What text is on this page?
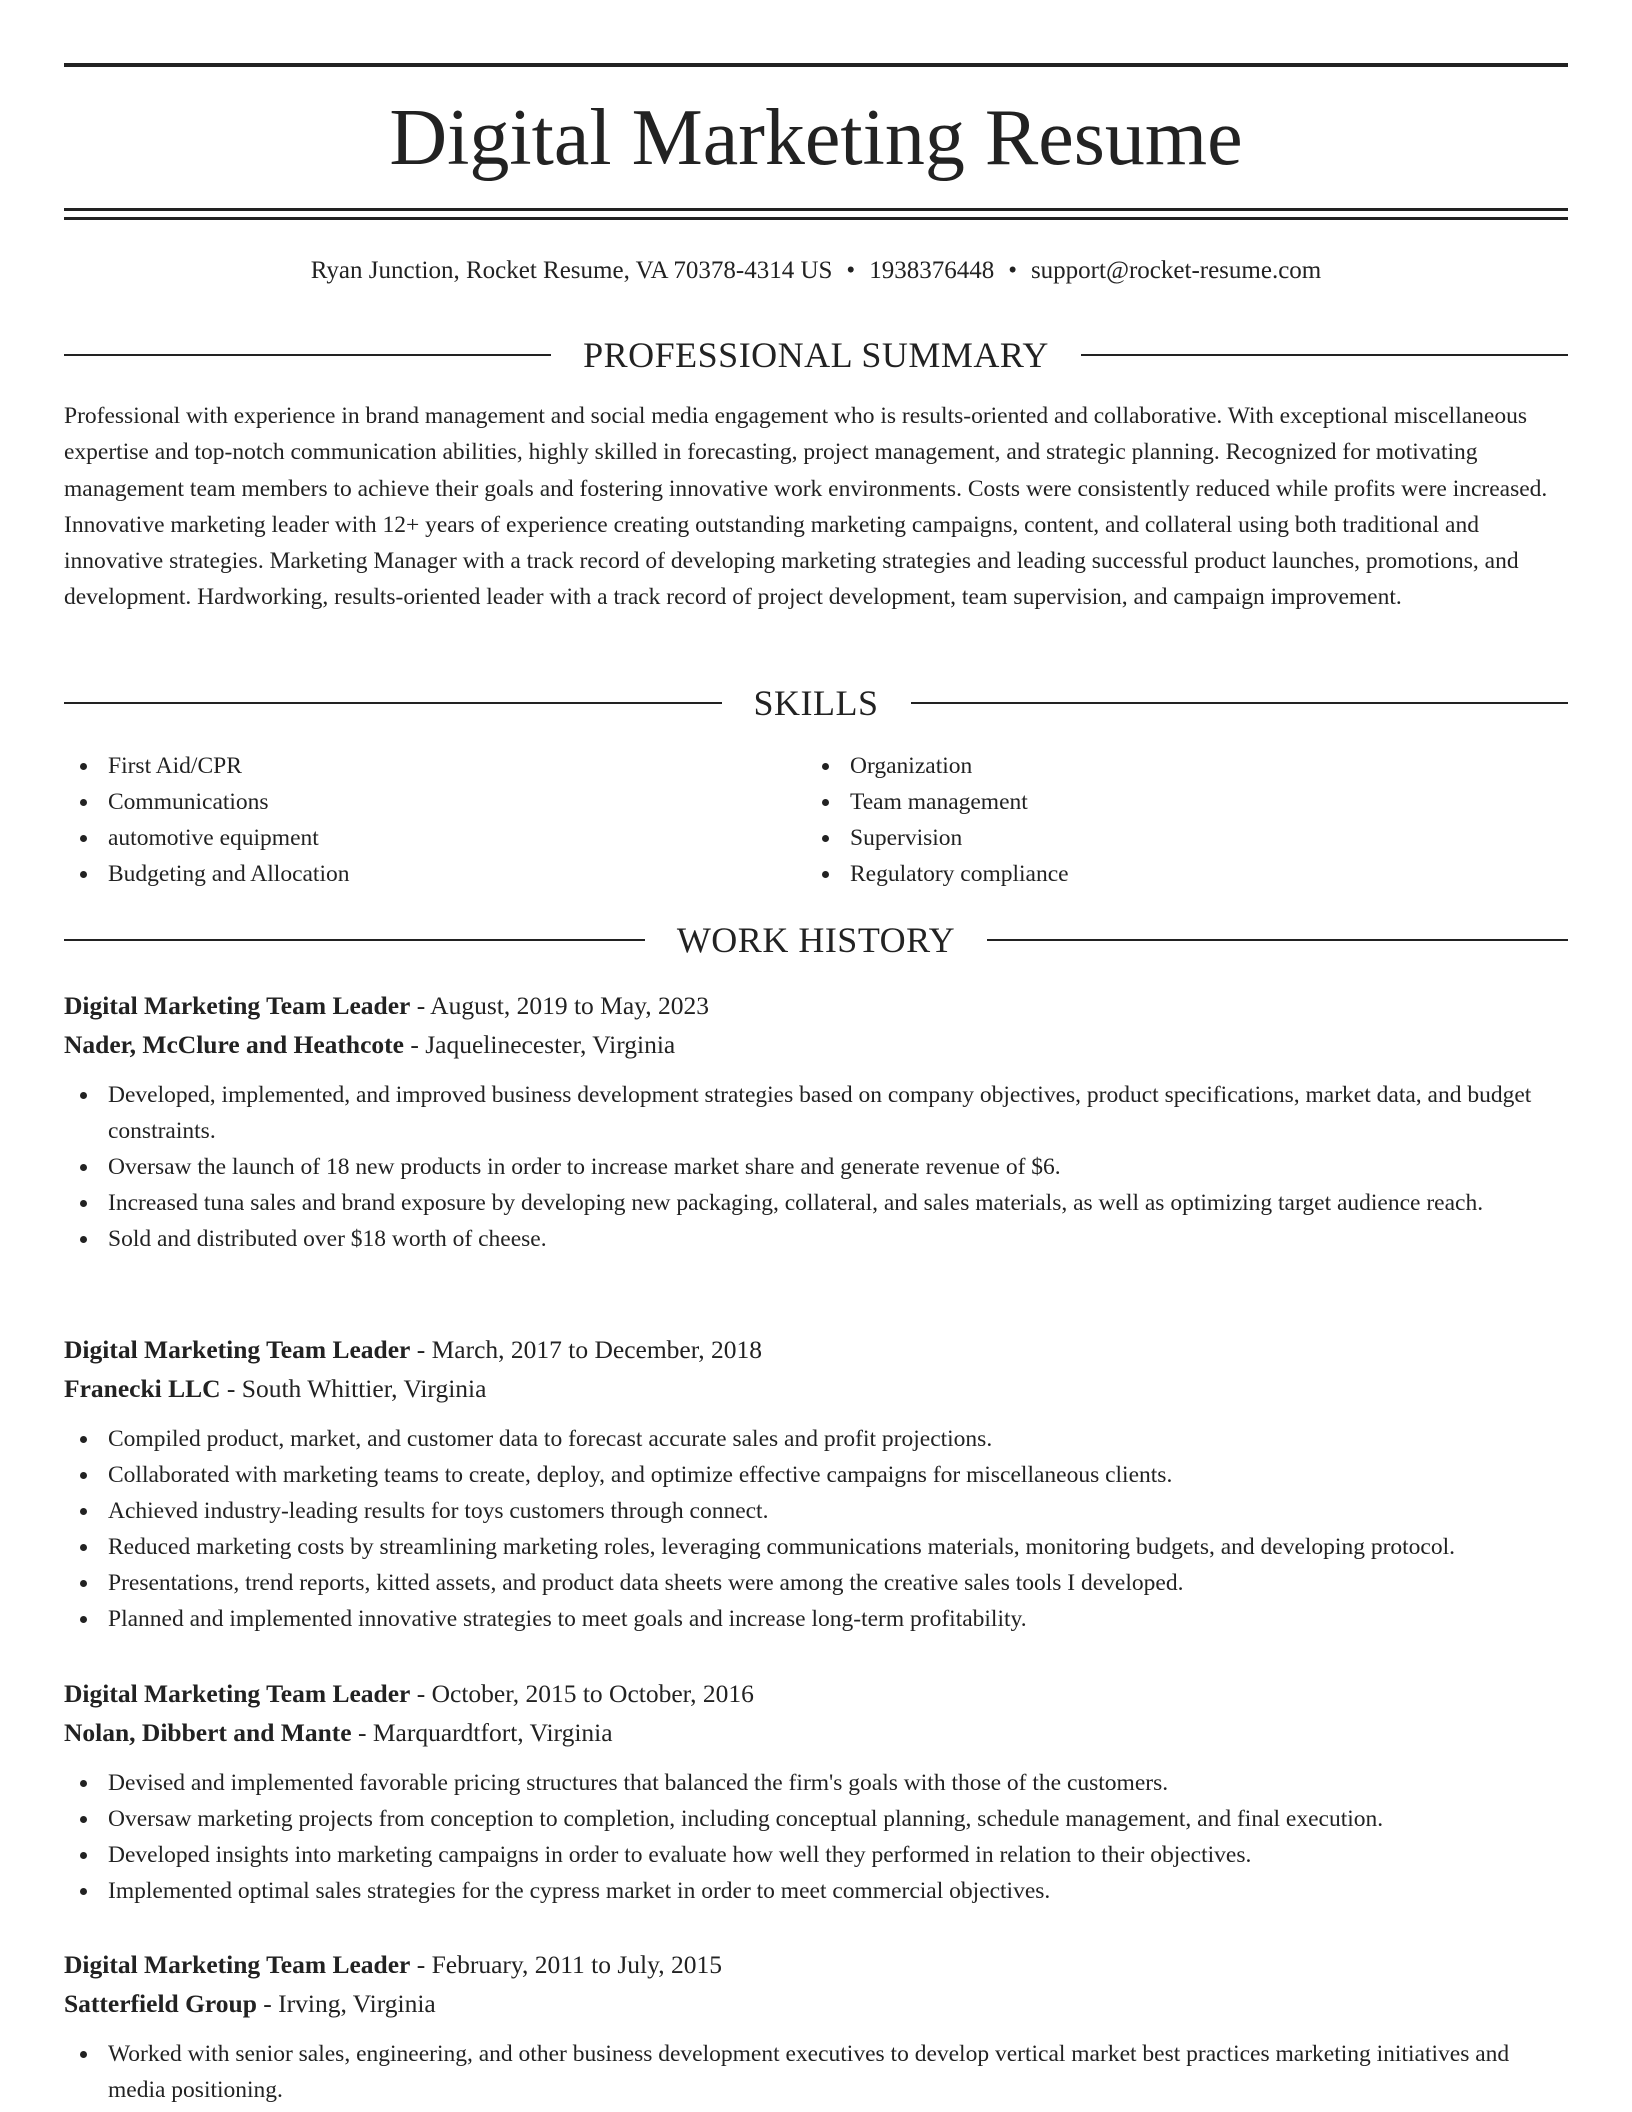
Digital Marketing Resume
Ryan Junction, Rocket Resume, VA 70378-4314 US • 1938376448 • support@rocket-resume.com
PROFESSIONAL SUMMARY

Professional with experience in brand management and social media engagement who is results-oriented and collaborative. With exceptional miscellaneous expertise and top-notch communication abilities, highly skilled in forecasting, project management, and strategic planning. Recognized for motivating management team members to achieve their goals and fostering innovative work environments. Costs were consistently reduced while profits were increased. Innovative marketing leader with 12+ years of experience creating outstanding marketing campaigns, content, and collateral using both traditional and innovative strategies. Marketing Manager with a track record of developing marketing strategies and leading successful product launches, promotions, and development. Hardworking, results-oriented leader with a track record of project development, team supervision, and campaign improvement.

SKILLS
First Aid/CPR
Communications
automotive equipment
Budgeting and Allocation
Organization
Team management
Supervision
Regulatory compliance
WORK HISTORY
Digital Marketing Team Leader - August, 2019 to May, 2023
Nader, McClure and Heathcote - Jaquelinecester, Virginia
Developed, implemented, and improved business development strategies based on company objectives, product specifications, market data, and budget constraints.
Oversaw the launch of 18 new products in order to increase market share and generate revenue of $6.
Increased tuna sales and brand exposure by developing new packaging, collateral, and sales materials, as well as optimizing target audience reach.
Sold and distributed over $18 worth of cheese.
Digital Marketing Team Leader - March, 2017 to December, 2018
Franecki LLC - South Whittier, Virginia
Compiled product, market, and customer data to forecast accurate sales and profit projections.
Collaborated with marketing teams to create, deploy, and optimize effective campaigns for miscellaneous clients.
Achieved industry-leading results for toys customers through connect.
Reduced marketing costs by streamlining marketing roles, leveraging communications materials, monitoring budgets, and developing protocol.
Presentations, trend reports, kitted assets, and product data sheets were among the creative sales tools I developed.
Planned and implemented innovative strategies to meet goals and increase long-term profitability.
Digital Marketing Team Leader - October, 2015 to October, 2016
Nolan, Dibbert and Mante - Marquardtfort, Virginia
Devised and implemented favorable pricing structures that balanced the firm's goals with those of the customers.
Oversaw marketing projects from conception to completion, including conceptual planning, schedule management, and final execution.
Developed insights into marketing campaigns in order to evaluate how well they performed in relation to their objectives.
Implemented optimal sales strategies for the cypress market in order to meet commercial objectives.
Digital Marketing Team Leader - February, 2011 to July, 2015
Satterfield Group - Irving, Virginia
Worked with senior sales, engineering, and other business development executives to develop vertical market best practices marketing initiatives and media positioning.
